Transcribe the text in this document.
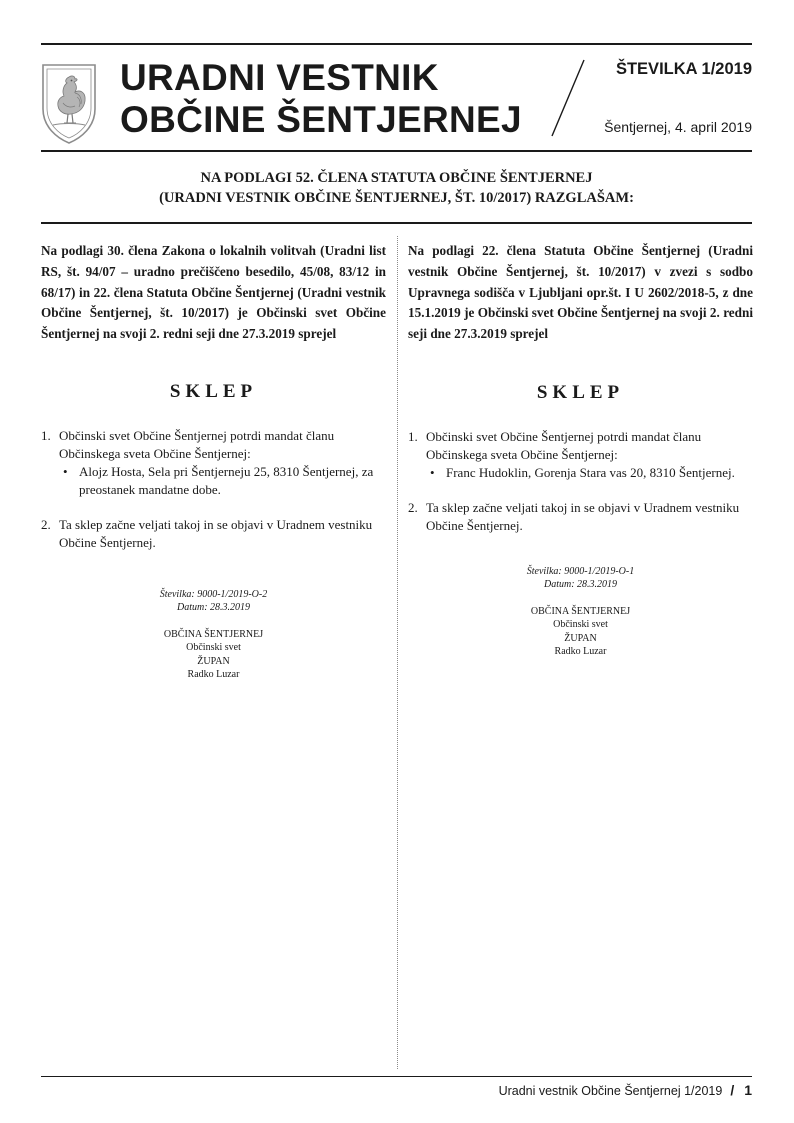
URADNI VESTNIK
OBČINE ŠENTJERNEJ
ŠTEVILKA 1/2019
Šentjernej, 4. april 2019
NA PODLAGI 52. ČLENA STATUTA OBČINE ŠENTJERNEJ
(URADNI VESTNIK OBČINE ŠENTJERNEJ, ŠT. 10/2017) RAZGLAŠAM:

Na podlagi 30. člena Zakona o lokalnih volitvah (Uradni list RS, št. 94/07 – uradno prečiščeno besedilo, 45/08, 83/12 in 68/17) in 22. člena Statuta Občine Šentjernej (Uradni vestnik Občine Šentjernej, št. 10/2017) je Občinski svet Občine Šentjernej na svoji 2. redni seji dne 27.3.2019 sprejel

SKLEP

1. Občinski svet Občine Šentjernej potrdi mandat članu Občinskega sveta Občine Šentjernej:
• Alojz Hosta, Sela pri Šentjerneju 25, 8310 Šentjernej, za preostanek mandatne dobe.
2. Ta sklep začne veljati takoj in se objavi v Uradnem vestniku Občine Šentjernej.
Številka: 9000-1/2019-O-2
Datum: 28.3.2019
OBČINA ŠENTJERNEJ
Občinski svet
ŽUPAN
Radko Luzar

Na podlagi 22. člena Statuta Občine Šentjernej (Uradni vestnik Občine Šentjernej, št. 10/2017) v zvezi s sodbo Upravnega sodišča v Ljubljani opr.št. I U 2602/2018-5, z dne 15.1.2019 je Občinski svet Občine Šentjernej na svoji 2. redni seji dne 27.3.2019 sprejel

SKLEP

1. Občinski svet Občine Šentjernej potrdi mandat članu Občinskega sveta Občine Šentjernej:
• Franc Hudoklin, Gorenja Stara vas 20, 8310 Šentjernej.
2. Ta sklep začne veljati takoj in se objavi v Uradnem vestniku Občine Šentjernej.
Številka: 9000-1/2019-O-1
Datum: 28.3.2019
OBČINA ŠENTJERNEJ
Občinski svet
ŽUPAN
Radko Luzar
Uradni vestnik Občine Šentjernej 1/2019 / 1
